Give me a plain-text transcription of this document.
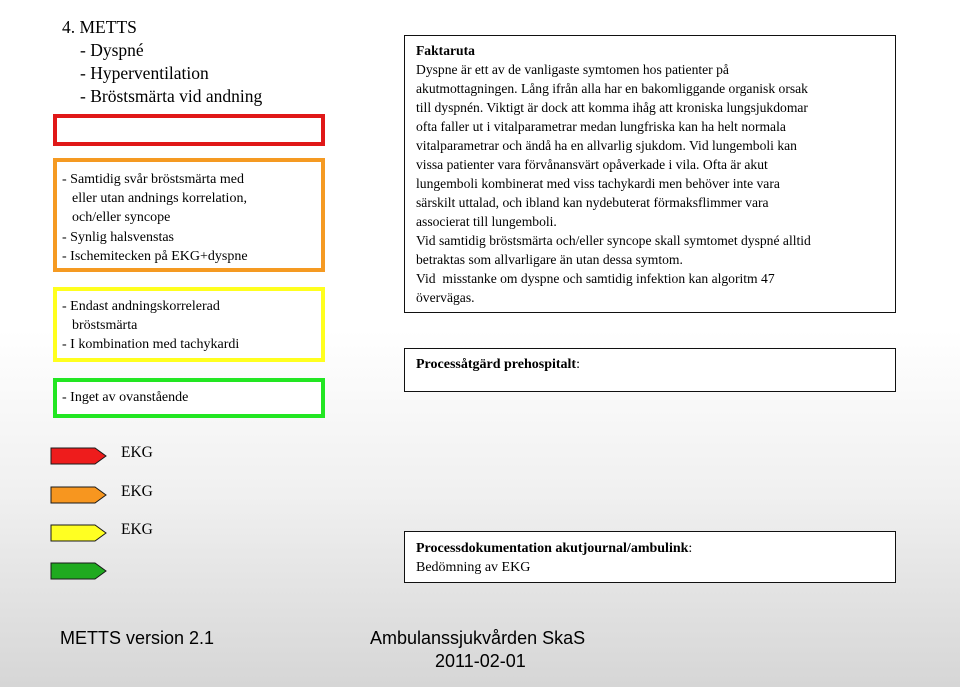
4. METTS
- Dyspné
- Hyperventilation
- Bröstsmärta vid andning
- Samtidig svår bröstsmärta med
eller utan andnings korrelation,
och/eller syncope
- Synlig halsvenstas
- Ischemitecken på EKG+dyspne
- Endast andningskorrelerad
bröstsmärta
- I kombination med tachykardi
- Inget av ovanstående
Faktaruta
Dyspne är ett av de vanligaste symtomen hos patienter på
akutmottagningen. Lång ifrån alla har en bakomliggande organisk orsak
till dyspnén. Viktigt är dock att komma ihåg att kroniska lungsjukdomar
ofta faller ut i vitalparametrar medan lungfriska kan ha helt normala
vitalparametrar och ändå ha en allvarlig sjukdom. Vid lungemboli kan
vissa patienter vara förvånansvärt opåverkade i vila. Ofta är akut
lungemboli kombinerat med viss tachykardi men behöver inte vara
särskilt uttalad, och ibland kan nydebuterat förmaksflimmer vara
associerat till lungemboli.
Vid samtidig bröstsmärta och/eller syncope skall symtomet dyspné alltid
betraktas som allvarligare än utan dessa symtom.
Vid  misstanke om dyspne och samtidig infektion kan algoritm 47
övervägas.
Processåtgärd prehospitalt:
Processdokumentation akutjournal/ambulink:
Bedömning av EKG
EKG
EKG
EKG
METTS version 2.1	Ambulanssjukvården SkaS
2011-02-01
